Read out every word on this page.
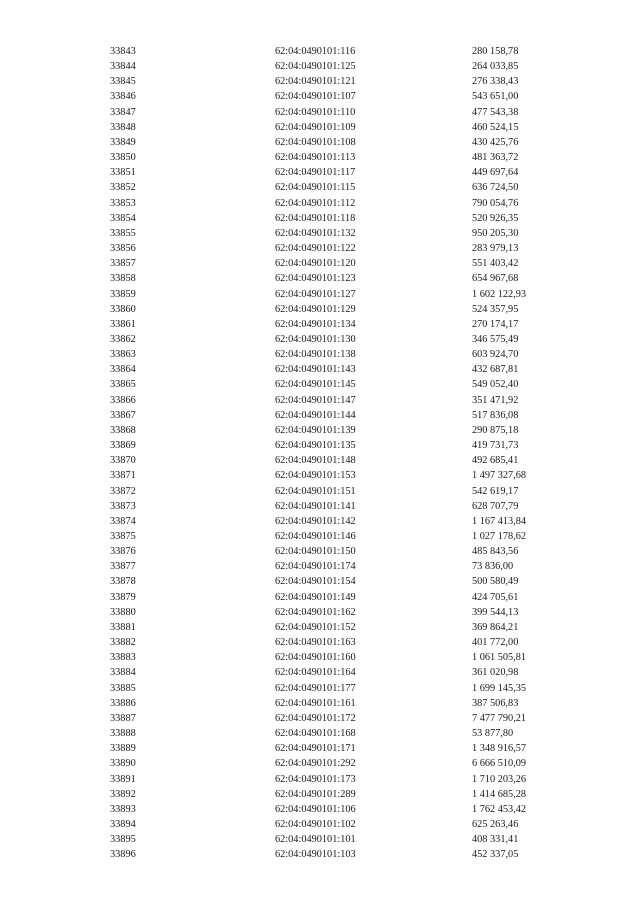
33843	62:04:0490101:116	280 158,78
33844	62:04:0490101:125	264 033,85
33845	62:04:0490101:121	276 338,43
33846	62:04:0490101:107	543 651,00
33847	62:04:0490101:110	477 543,38
33848	62:04:0490101:109	460 524,15
33849	62:04:0490101:108	430 425,76
33850	62:04:0490101:113	481 363,72
33851	62:04:0490101:117	449 697,64
33852	62:04:0490101:115	636 724,50
33853	62:04:0490101:112	790 054,76
33854	62:04:0490101:118	520 926,35
33855	62:04:0490101:132	950 205,30
33856	62:04:0490101:122	283 979,13
33857	62:04:0490101:120	551 403,42
33858	62:04:0490101:123	654 967,68
33859	62:04:0490101:127	1 602 122,93
33860	62:04:0490101:129	524 357,95
33861	62:04:0490101:134	270 174,17
33862	62:04:0490101:130	346 575,49
33863	62:04:0490101:138	603 924,70
33864	62:04:0490101:143	432 687,81
33865	62:04:0490101:145	549 052,40
33866	62:04:0490101:147	351 471,92
33867	62:04:0490101:144	517 836,08
33868	62:04:0490101:139	290 875,18
33869	62:04:0490101:135	419 731,73
33870	62:04:0490101:148	492 685,41
33871	62:04:0490101:153	1 497 327,68
33872	62:04:0490101:151	542 619,17
33873	62:04:0490101:141	628 707,79
33874	62:04:0490101:142	1 167 413,84
33875	62:04:0490101:146	1 027 178,62
33876	62:04:0490101:150	485 843,56
33877	62:04:0490101:174	73 836,00
33878	62:04:0490101:154	500 580,49
33879	62:04:0490101:149	424 705,61
33880	62:04:0490101:162	399 544,13
33881	62:04:0490101:152	369 864,21
33882	62:04:0490101:163	401 772,00
33883	62:04:0490101:160	1 061 505,81
33884	62:04:0490101:164	361 020,98
33885	62:04:0490101:177	1 699 145,35
33886	62:04:0490101:161	387 506,83
33887	62:04:0490101:172	7 477 790,21
33888	62:04:0490101:168	53 877,80
33889	62:04:0490101:171	1 348 916,57
33890	62:04:0490101:292	6 666 510,09
33891	62:04:0490101:173	1 710 203,26
33892	62:04:0490101:289	1 414 685,28
33893	62:04:0490101:106	1 762 453,42
33894	62:04:0490101:102	625 263,46
33895	62:04:0490101:101	408 331,41
33896	62:04:0490101:103	452 337,05
